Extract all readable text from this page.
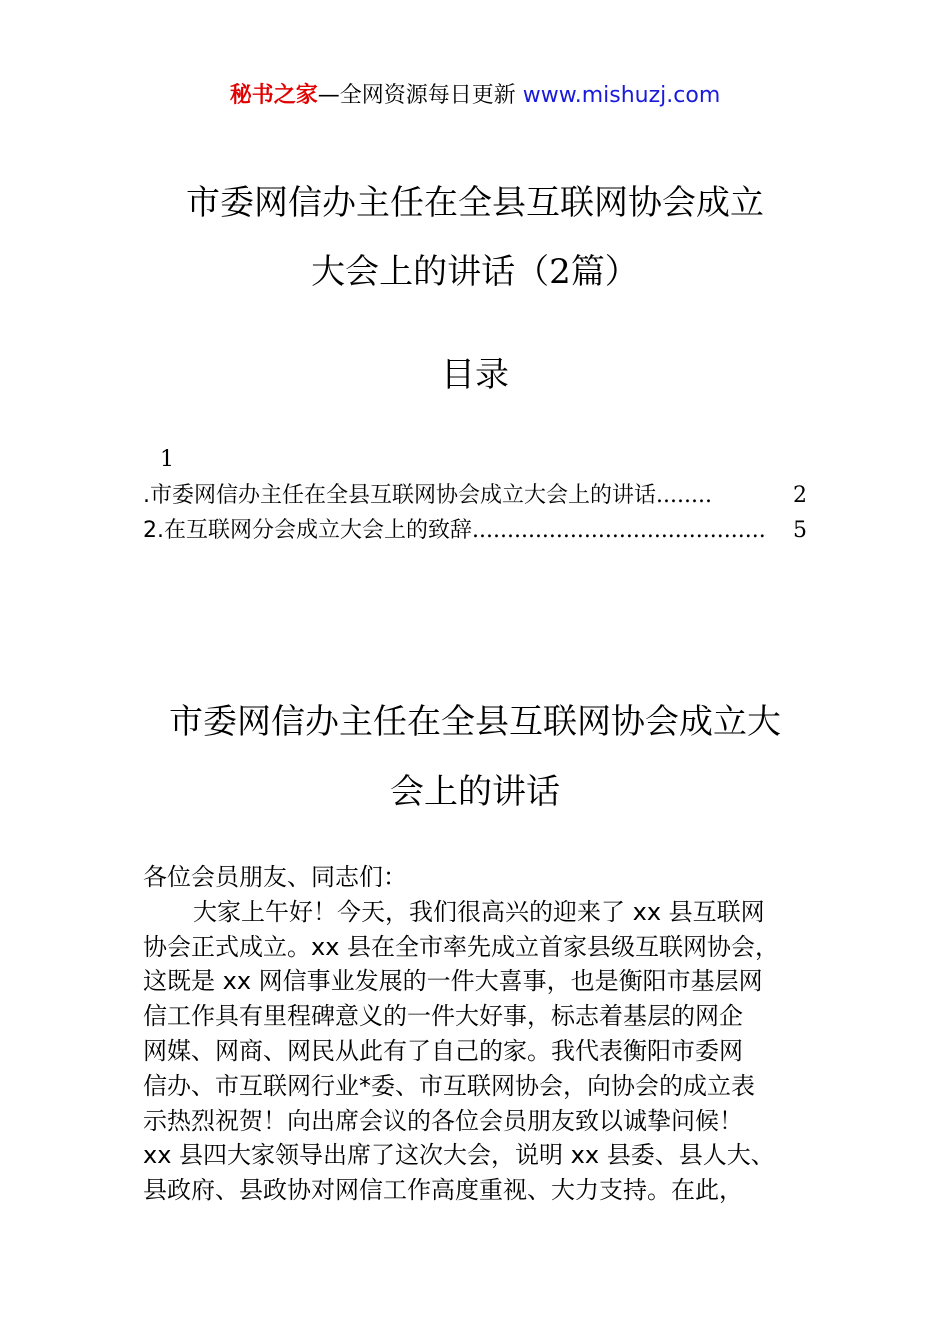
秘书之家—全网资源每日更新 www.mishuzj.com
市委网信办主任在全县互联网协会成立
大会上的讲话（2篇）
目录
1
.市委网信办主任在全县互联网协会成立大会上的讲话 ........	2
2.在互联网分会成立大会上的致辞 ..........................................	5
市委网信办主任在全县互联网协会成立大
会上的讲话
各位会员朋友、同志们：
大家上午好！今天，我们很高兴的迎来了 xx 县互联网
协会正式成立。xx 县在全市率先成立首家县级互联网协会，
这既是 xx 网信事业发展的一件大喜事，也是衡阳市基层网
信工作具有里程碑意义的一件大好事，标志着基层的网企
网媒、网商、网民从此有了自己的家。我代表衡阳市委网
信办、市互联网行业*委、市互联网协会，向协会的成立表
示热烈祝贺！向出席会议的各位会员朋友致以诚挚问候！
xx 县四大家领导出席了这次大会，说明 xx 县委、县人大、
县政府、县政协对网信工作高度重视、大力支持。在此，
